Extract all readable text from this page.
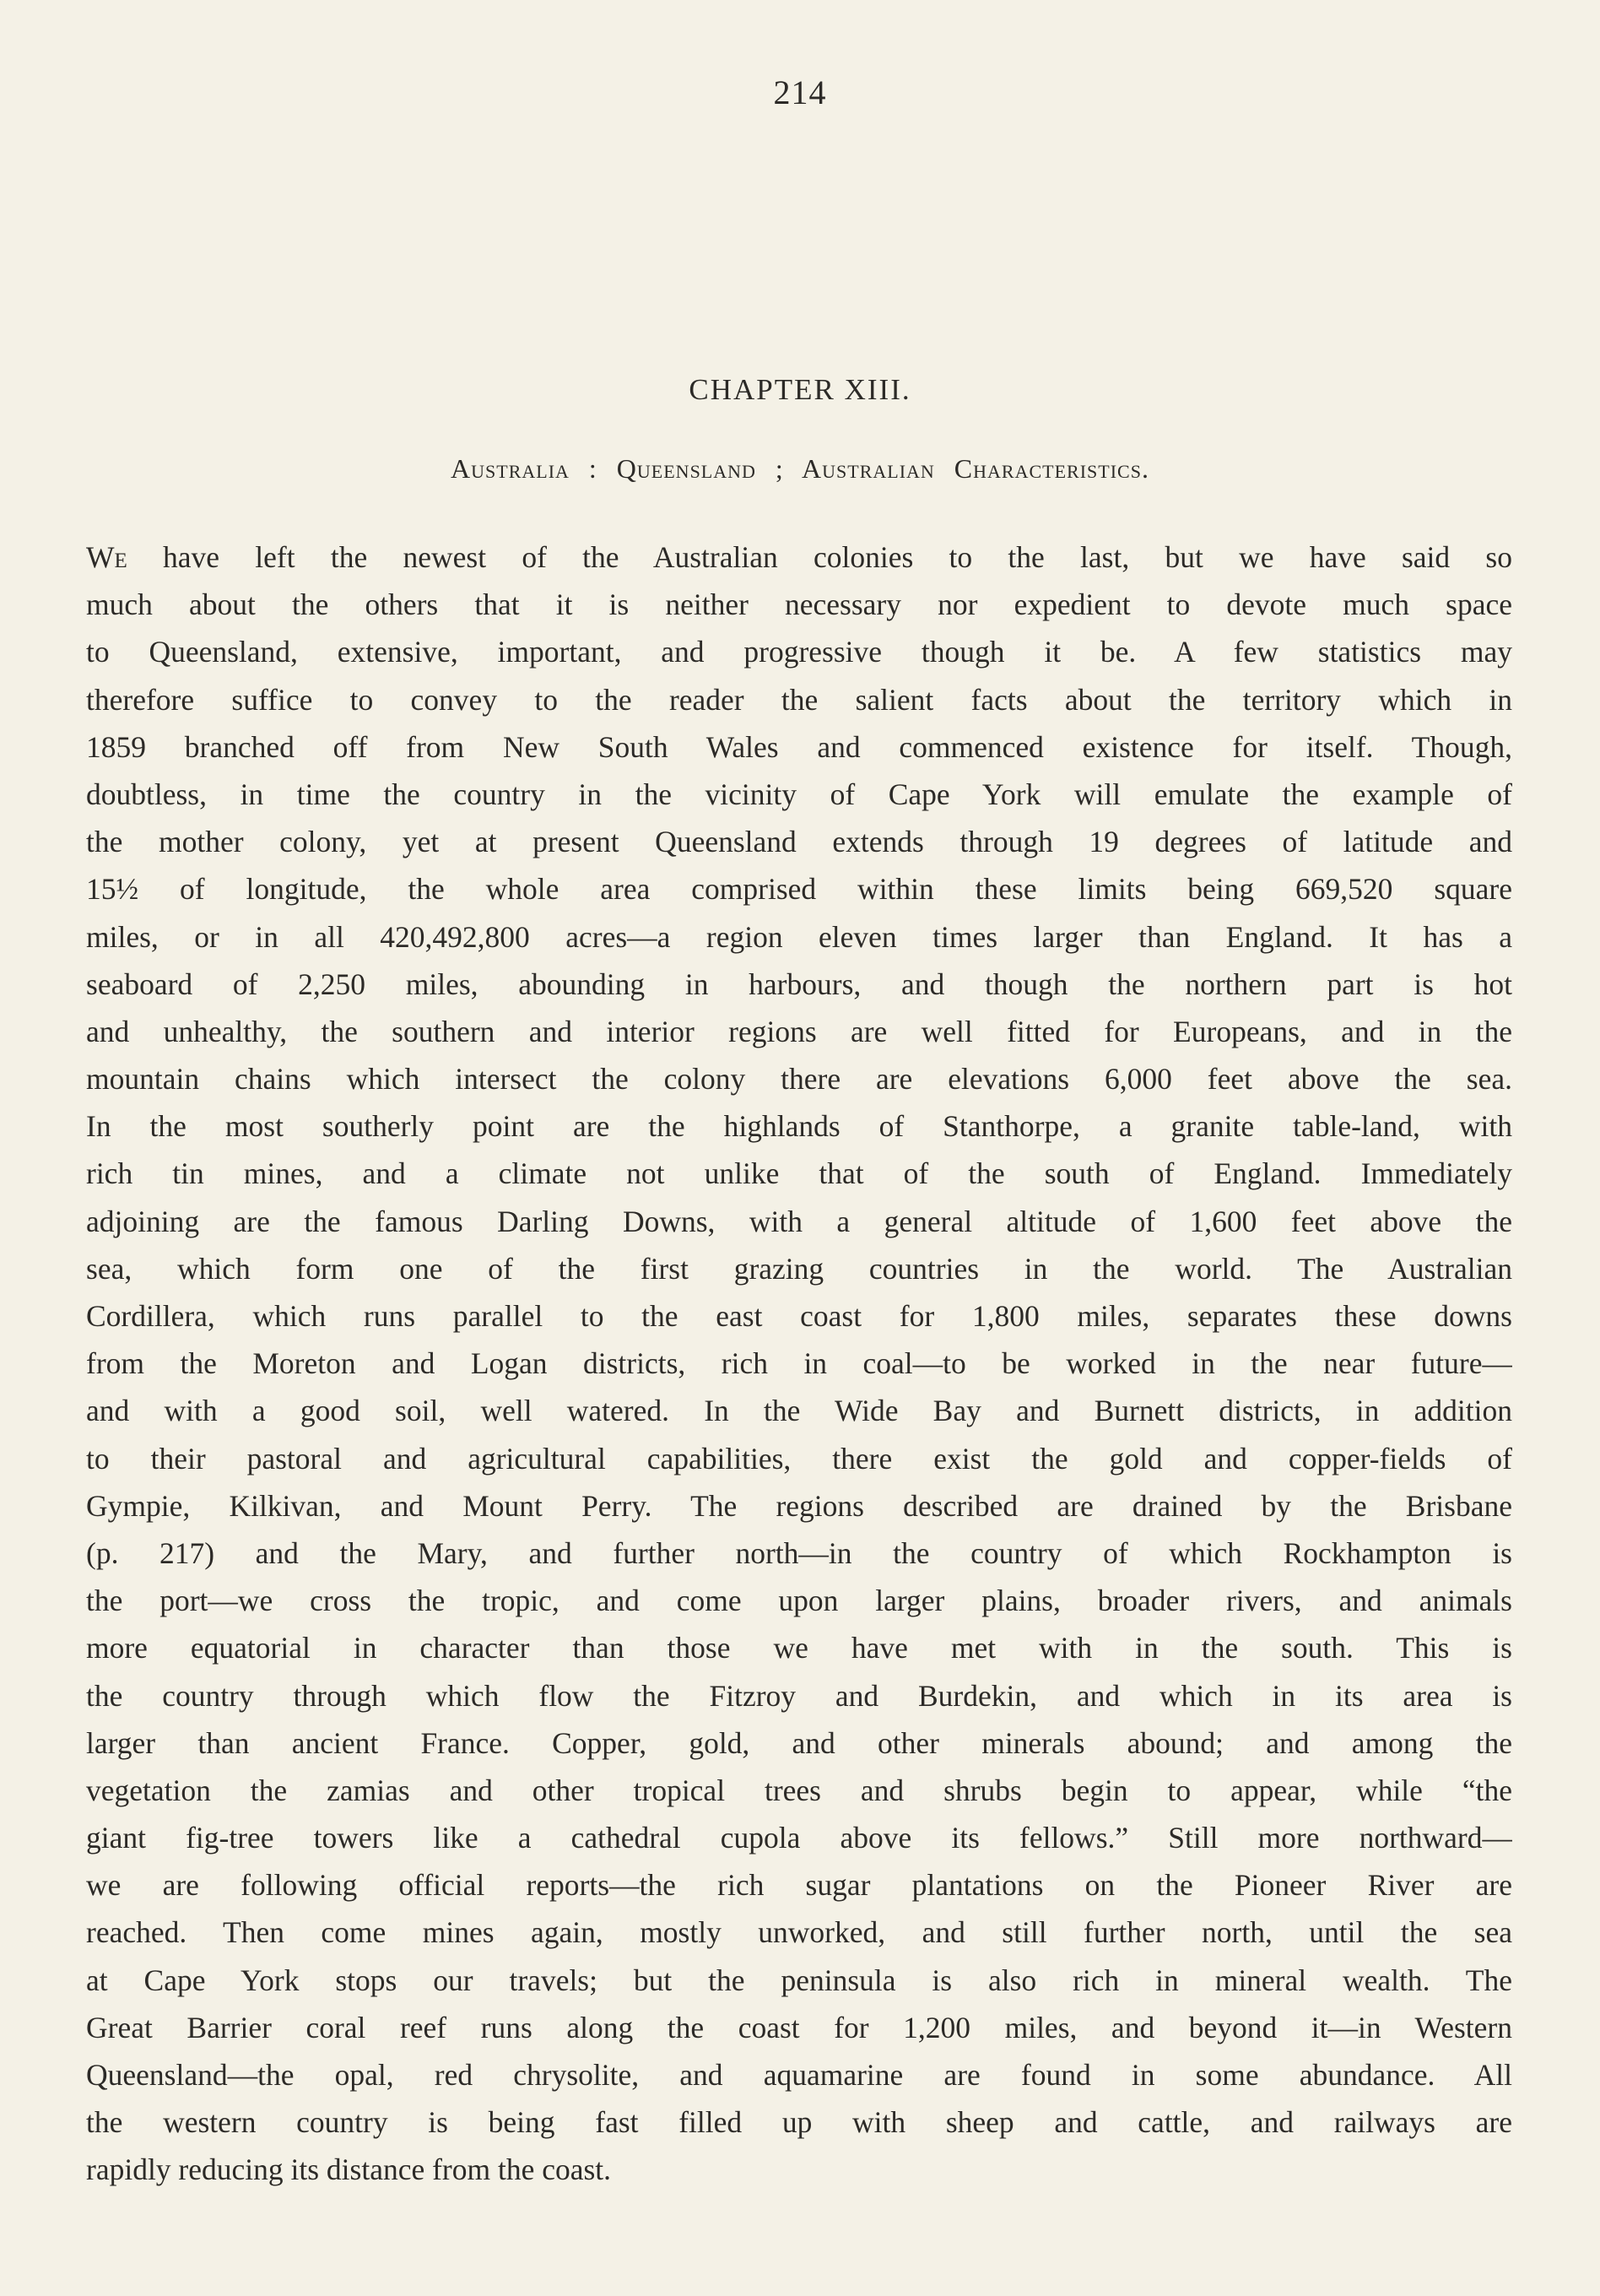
214
CHAPTER XIII.
Australia : Queensland ; Australian Characteristics.
We have left the newest of the Australian colonies to the last, but we have said so
much about the others that it is neither necessary nor expedient to devote much space
to Queensland, extensive, important, and progressive though it be. A few statistics may
therefore suffice to convey to the reader the salient facts about the territory which in
1859 branched off from New South Wales and commenced existence for itself. Though,
doubtless, in time the country in the vicinity of Cape York will emulate the example of
the mother colony, yet at present Queensland extends through 19 degrees of latitude and
15½ of longitude, the whole area comprised within these limits being 669,520 square
miles, or in all 420,492,800 acres—a region eleven times larger than England. It has a
seaboard of 2,250 miles, abounding in harbours, and though the northern part is hot
and unhealthy, the southern and interior regions are well fitted for Europeans, and in the
mountain chains which intersect the colony there are elevations 6,000 feet above the sea.
In the most southerly point are the highlands of Stanthorpe, a granite table-land, with
rich tin mines, and a climate not unlike that of the south of England. Immediately
adjoining are the famous Darling Downs, with a general altitude of 1,600 feet above the
sea, which form one of the first grazing countries in the world. The Australian
Cordillera, which runs parallel to the east coast for 1,800 miles, separates these downs
from the Moreton and Logan districts, rich in coal—to be worked in the near future—
and with a good soil, well watered. In the Wide Bay and Burnett districts, in addition
to their pastoral and agricultural capabilities, there exist the gold and copper-fields of
Gympie, Kilkivan, and Mount Perry. The regions described are drained by the Brisbane
(p. 217) and the Mary, and further north—in the country of which Rockhampton is
the port—we cross the tropic, and come upon larger plains, broader rivers, and animals
more equatorial in character than those we have met with in the south. This is
the country through which flow the Fitzroy and Burdekin, and which in its area is
larger than ancient France. Copper, gold, and other minerals abound; and among the
vegetation the zamias and other tropical trees and shrubs begin to appear, while “the
giant fig-tree towers like a cathedral cupola above its fellows.” Still more northward—
we are following official reports—the rich sugar plantations on the Pioneer River are
reached. Then come mines again, mostly unworked, and still further north, until the sea
at Cape York stops our travels; but the peninsula is also rich in mineral wealth. The
Great Barrier coral reef runs along the coast for 1,200 miles, and beyond it—in Western
Queensland—the opal, red chrysolite, and aquamarine are found in some abundance. All
the western country is being fast filled up with sheep and cattle, and railways are
rapidly reducing its distance from the coast.
